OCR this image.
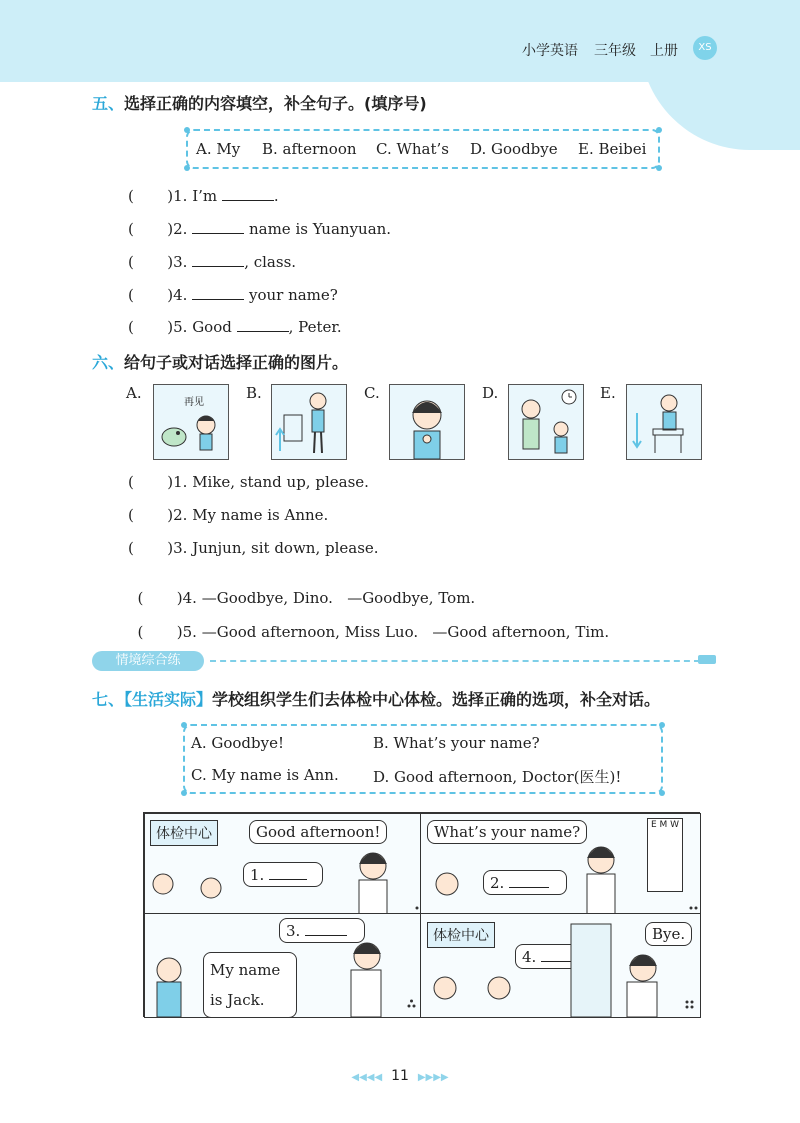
小学英语 三年级 上册	XS
五、选择正确的内容填空，补全句子。(填序号)
A. My B. afternoon C. What’s D. Goodbye E. Beibei
(       )1. I’m	.
(       )2.	name is Yuanyuan.
(       )3.	, class.
(       )4.	your name?
(       )5. Good	, Peter.
六、给句子或对话选择正确的图片。
A.
再见
B.	C.	D.	E.
(       )1. Mike, stand up, please.
(       )2. My name is Anne.
(       )3. Junjun, sit down, please.

(       )4. —Goodbye, Dino.   —Goodbye, Tom.

(       )5. —Good afternoon, Miss Luo.   —Good afternoon, Tim.

情境综合练
七、【生活实际】学校组织学生们去体检中心体检。选择正确的选项，补全对话。
A. Goodbye!	B. What’s your name?
C. My name is Ann. D. Good afternoon, Doctor(医生)!
体检中心	Good afternoon!
1.
What’s your name?
2.
E M W
3.
My name
is Jack.
体检中心	Bye.
4.
◀◀◀◀ 11 ▶▶▶▶
